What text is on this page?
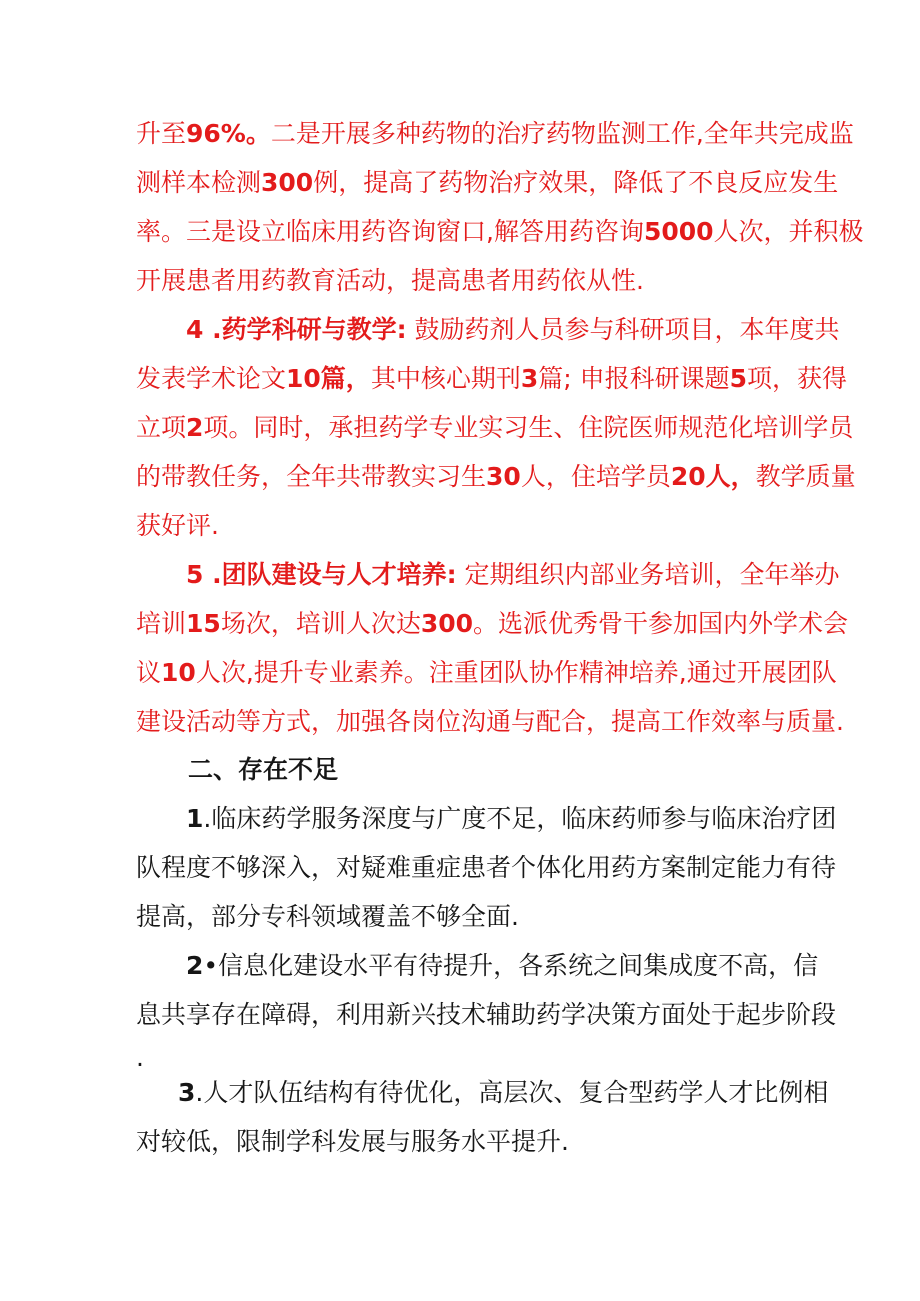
升至96%。二是开展多种药物的治疗药物监测工作,全年共完成监
测样本检测300例，提高了药物治疗效果，降低了不良反应发生
率。三是设立临床用药咨询窗口,解答用药咨询5000人次，并积极
开展患者用药教育活动，提高患者用药依从性.
4 .药学科研与教学: 鼓励药剂人员参与科研项目，本年度共
发表学术论文10篇，其中核心期刊3篇; 申报科研课题5项，获得
立项2项。同时，承担药学专业实习生、住院医师规范化培训学员
的带教任务，全年共带教实习生30人，住培学员20人，教学质量
获好评.
5 .团队建设与人才培养: 定期组织内部业务培训，全年举办
培训15场次，培训人次达300。选派优秀骨干参加国内外学术会
议10人次,提升专业素养。注重团队协作精神培养,通过开展团队
建设活动等方式，加强各岗位沟通与配合，提高工作效率与质量.
二、存在不足
1.临床药学服务深度与广度不足，临床药师参与临床治疗团
队程度不够深入，对疑难重症患者个体化用药方案制定能力有待
提高，部分专科领域覆盖不够全面.
2•信息化建设水平有待提升，各系统之间集成度不高，信
息共享存在障碍，利用新兴技术辅助药学决策方面处于起步阶段
.
3.人才队伍结构有待优化，高层次、复合型药学人才比例相
对较低，限制学科发展与服务水平提升.
